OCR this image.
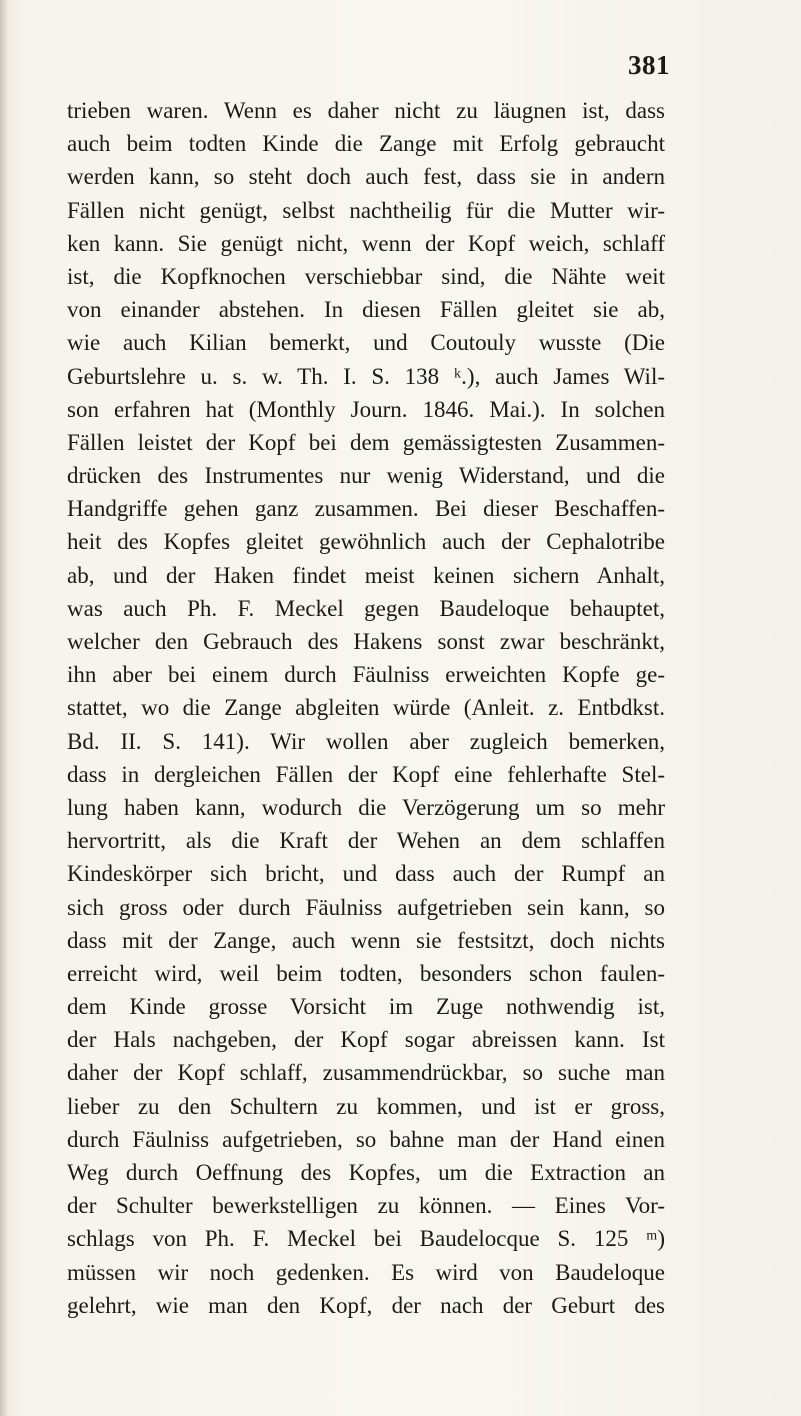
381
trieben waren. Wenn es daher nicht zu läugnen ist, dass
auch beim todten Kinde die Zange mit Erfolg gebraucht
werden kann, so steht doch auch fest, dass sie in andern
Fällen nicht genügt, selbst nachtheilig für die Mutter wir-
ken kann. Sie genügt nicht, wenn der Kopf weich, schlaff
ist, die Kopfknochen verschiebbar sind, die Nähte weit
von einander abstehen. In diesen Fällen gleitet sie ab,
wie auch Kilian bemerkt, und Coutouly wusste (Die
Geburtslehre u. s. w. Th. I. S. 138 ᵏ.), auch James Wil-
son erfahren hat (Monthly Journ. 1846. Mai.). In solchen
Fällen leistet der Kopf bei dem gemässigtesten Zusammen-
drücken des Instrumentes nur wenig Widerstand, und die
Handgriffe gehen ganz zusammen. Bei dieser Beschaffen-
heit des Kopfes gleitet gewöhnlich auch der Cephalotribe
ab, und der Haken findet meist keinen sichern Anhalt,
was auch Ph. F. Meckel gegen Baudeloque behauptet,
welcher den Gebrauch des Hakens sonst zwar beschränkt,
ihn aber bei einem durch Fäulniss erweichten Kopfe ge-
stattet, wo die Zange abgleiten würde (Anleit. z. Entbdkst.
Bd. II. S. 141). Wir wollen aber zugleich bemerken,
dass in dergleichen Fällen der Kopf eine fehlerhafte Stel-
lung haben kann, wodurch die Verzögerung um so mehr
hervortritt, als die Kraft der Wehen an dem schlaffen
Kindeskörper sich bricht, und dass auch der Rumpf an
sich gross oder durch Fäulniss aufgetrieben sein kann, so
dass mit der Zange, auch wenn sie festsitzt, doch nichts
erreicht wird, weil beim todten, besonders schon faulen-
dem Kinde grosse Vorsicht im Zuge nothwendig ist,
der Hals nachgeben, der Kopf sogar abreissen kann. Ist
daher der Kopf schlaff, zusammendrückbar, so suche man
lieber zu den Schultern zu kommen, und ist er gross,
durch Fäulniss aufgetrieben, so bahne man der Hand einen
Weg durch Oeffnung des Kopfes, um die Extraction an
der Schulter bewerkstelligen zu können. — Eines Vor-
schlags von Ph. F. Meckel bei Baudelocque S. 125 ᵐ)
müssen wir noch gedenken. Es wird von Baudeloque
gelehrt, wie man den Kopf, der nach der Geburt des
